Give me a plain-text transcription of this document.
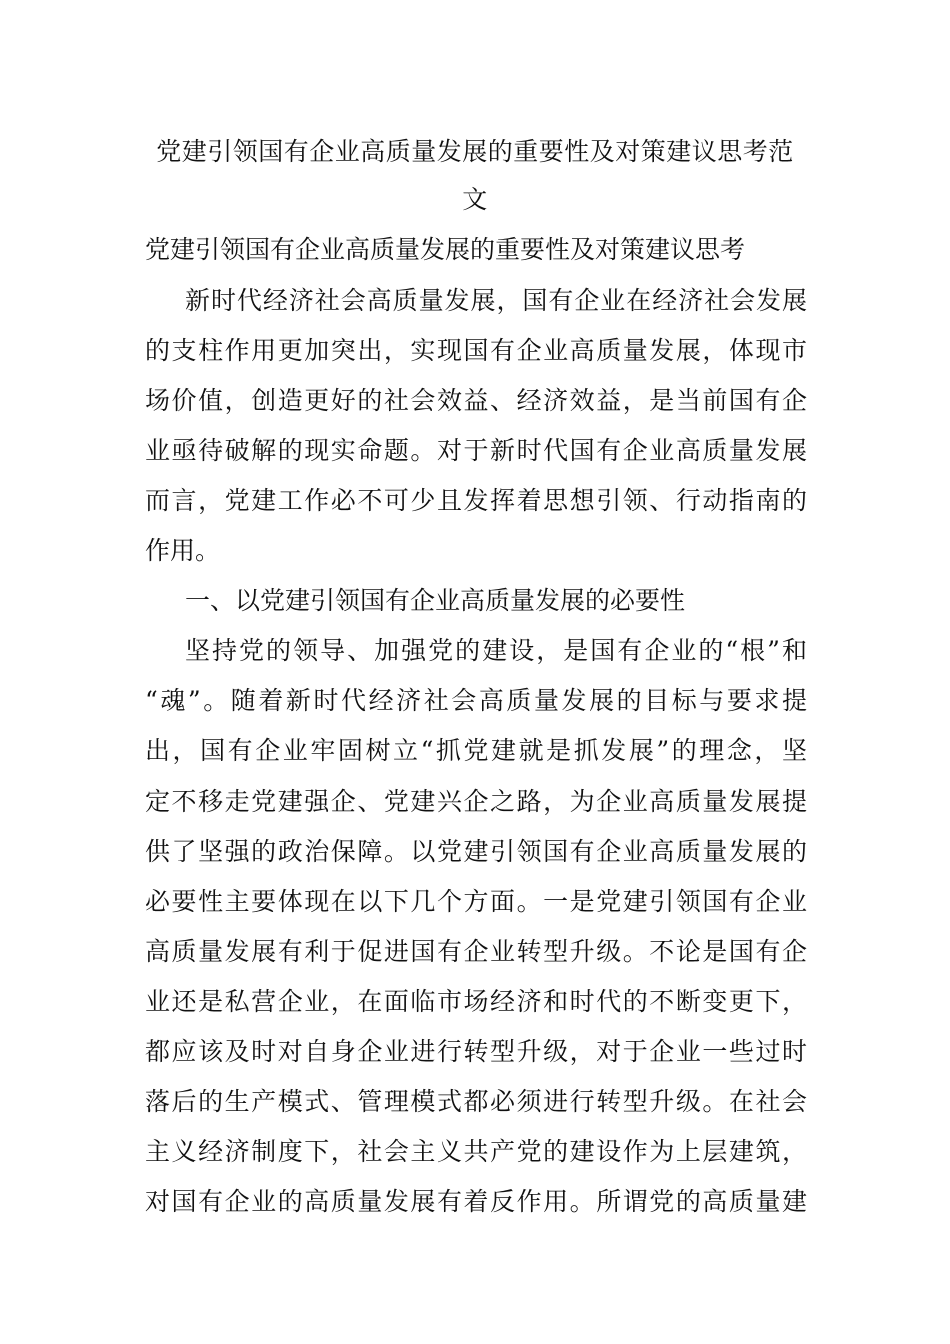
党建引领国有企业高质量发展的重要性及对策建议思考范
文
党建引领国有企业高质量发展的重要性及对策建议思考
新时代经济社会高质量发展，国有企业在经济社会发展
的支柱作用更加突出，实现国有企业高质量发展，体现市
场价值，创造更好的社会效益、经济效益，是当前国有企
业亟待破解的现实命题。对于新时代国有企业高质量发展
而言，党建工作必不可少且发挥着思想引领、行动指南的
作用。
一、以党建引领国有企业高质量发展的必要性
坚持党的领导、加强党的建设，是国有企业的“根”和
“魂”。随着新时代经济社会高质量发展的目标与要求提
出，国有企业牢固树立“抓党建就是抓发展”的理念，坚
定不移走党建强企、党建兴企之路，为企业高质量发展提
供了坚强的政治保障。以党建引领国有企业高质量发展的
必要性主要体现在以下几个方面。一是党建引领国有企业
高质量发展有利于促进国有企业转型升级。不论是国有企
业还是私营企业，在面临市场经济和时代的不断变更下，
都应该及时对自身企业进行转型升级，对于企业一些过时
落后的生产模式、管理模式都必须进行转型升级。在社会
主义经济制度下，社会主义共产党的建设作为上层建筑，
对国有企业的高质量发展有着反作用。所谓党的高质量建
